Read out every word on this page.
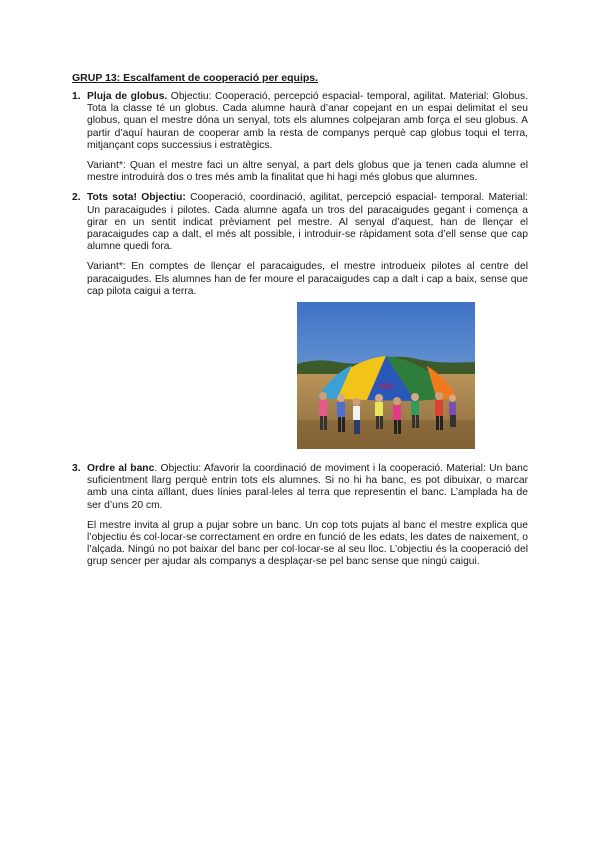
GRUP 13: Escalfament de cooperació per equips.

1. Pluja de globus. Objectiu: Cooperació, percepció espacial- temporal, agilitat. Material: Globus. Tota la classe té un globus. Cada alumne haurà d’anar copejant en un espai delimitat el seu globus, quan el mestre dóna un senyal, tots els alumnes colpejaran amb força el seu globus. A partir d’aquí hauran de cooperar amb la resta de companys perquè cap globus toqui el terra, mitjançant cops successius i estratègics.

Variant*: Quan el mestre faci un altre senyal, a part dels globus que ja tenen cada alumne el mestre introduirà dos o tres més amb la finalitat que hi hagi més globus que alumnes.

2. Tots sota! Objectiu: Cooperació, coordinació, agilitat, percepció espacial- temporal. Material: Un paracaigudes i pilotes. Cada alumne agafa un tros del paracaigudes gegant i comença a girar en un sentit indicat prèviament pel mestre. Al senyal d’aquest, han de llençar el paracaigudes cap a dalt, el més alt possible, i introduir-se ràpidament sota d’ell sense que cap alumne quedi fora.

Variant*: En comptes de llençar el paracaigudes, el mestre introdueix pilotes al centre del paracaigudes. Els alumnes han de fer moure el paracaigudes cap a dalt i cap a baix, sense que cap pilota caigui a terra.

3. Ordre al banc. Objectiu: Afavorir la coordinació de moviment i la cooperació. Material: Un banc suficientment llarg perquè entrin tots els alumnes. Si no hi ha banc, es pot dibuixar, o marcar amb una cinta aïllant, dues línies paral·leles al terra que representin el banc. L’amplada ha de ser d’uns 20 cm.

El mestre invita al grup a pujar sobre un banc. Un cop tots pujats al banc el mestre explica que l’objectiu és col·locar-se correctament en ordre en funció de les edats, les dates de naixement, o l’alçada. Ningú no pot baixar del banc per col·locar-se al seu lloc. L’objectiu és la cooperació del grup sencer per ajudar als companys a desplaçar-se pel banc sense que ningú caigui.
